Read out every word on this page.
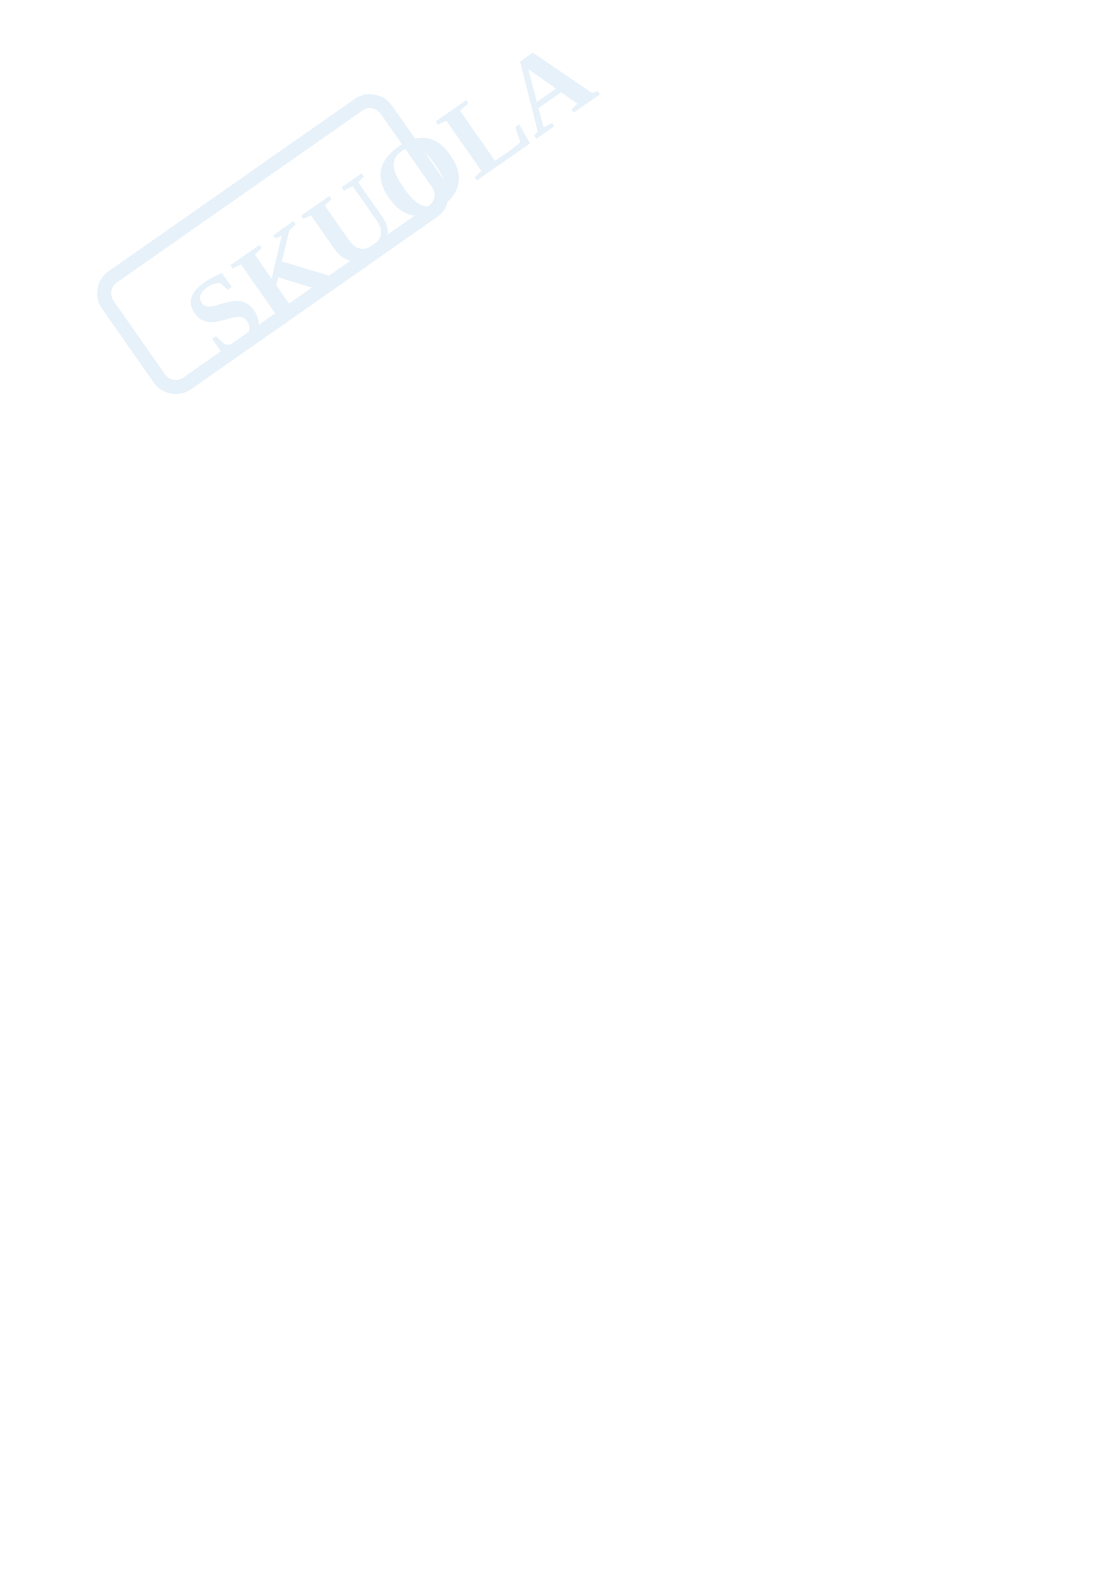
SKUOLA
